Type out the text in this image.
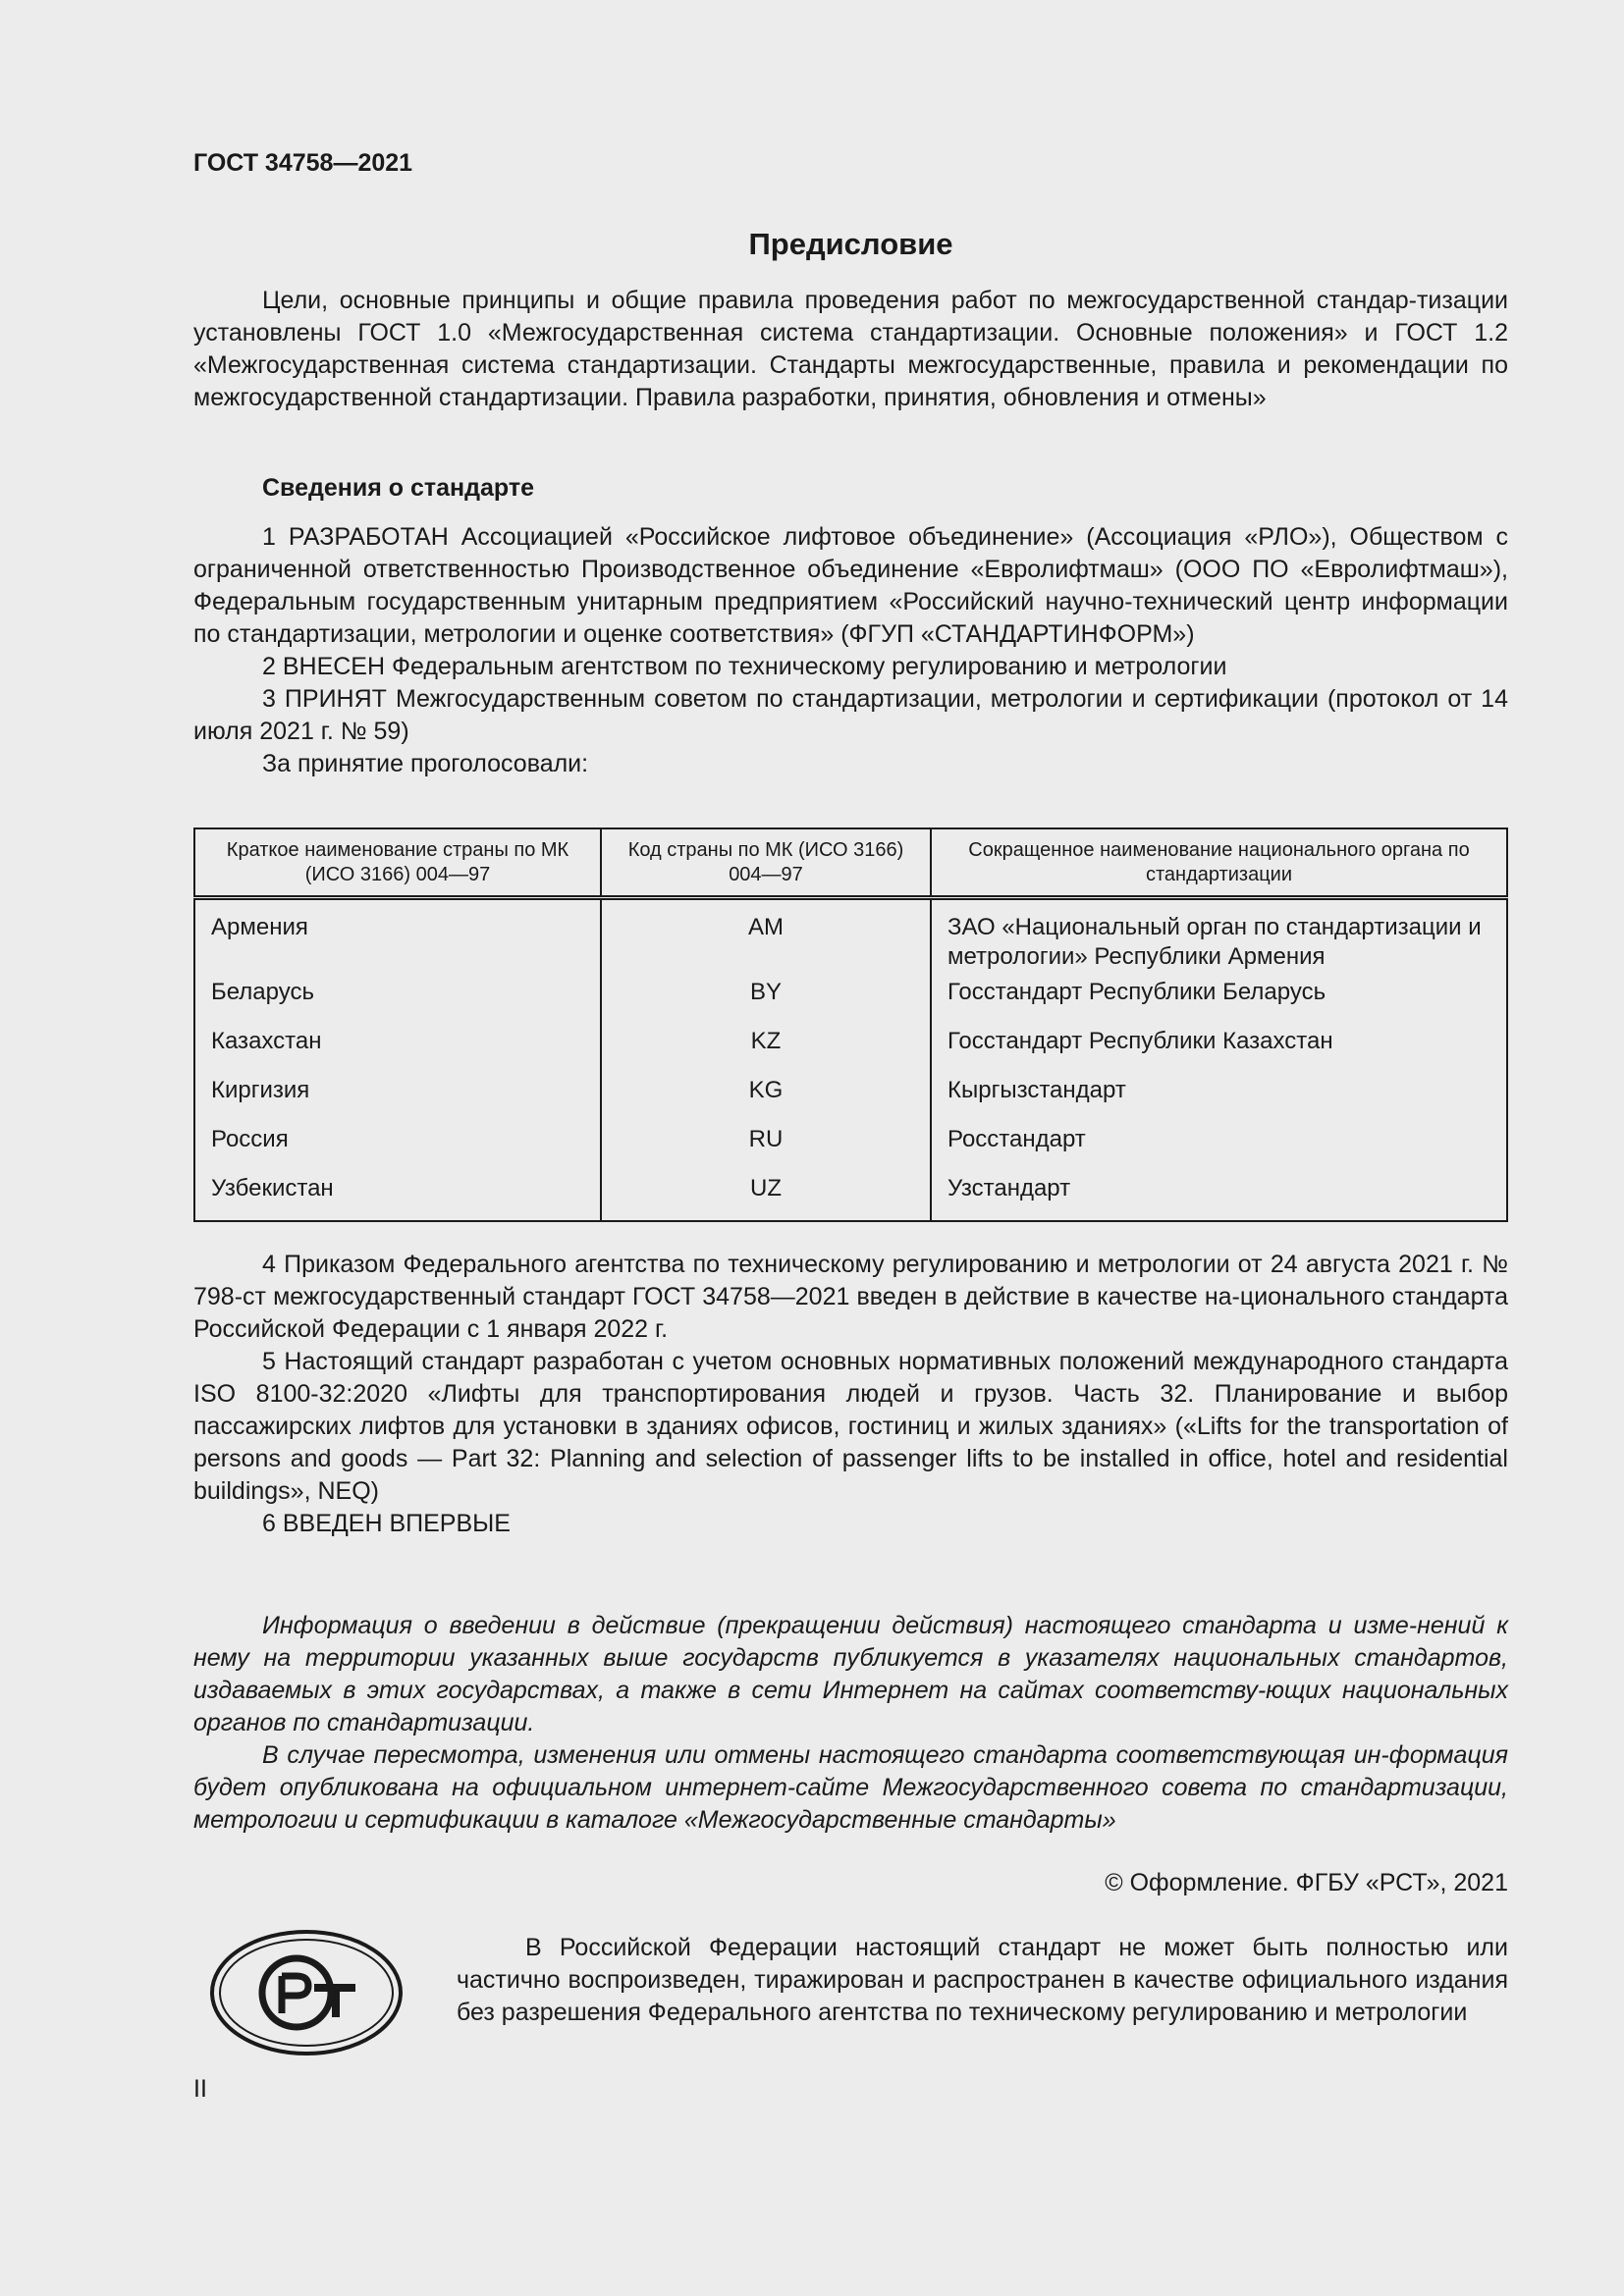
ГОСТ 34758—2021
Предисловие

Цели, основные принципы и общие правила проведения работ по межгосударственной стандар-тизации установлены ГОСТ 1.0 «Межгосударственная система стандартизации. Основные положения» и ГОСТ 1.2 «Межгосударственная система стандартизации. Стандарты межгосударственные, правила и рекомендации по межгосударственной стандартизации. Правила разработки, принятия, обновления и отмены»

Сведения о стандарте

1 РАЗРАБОТАН Ассоциацией «Российское лифтовое объединение» (Ассоциация «РЛО»), Обществом с ограниченной ответственностью Производственное объединение «Евролифтмаш» (ООО ПО «Евролифтмаш»), Федеральным государственным унитарным предприятием «Российский научно-технический центр информации по стандартизации, метрологии и оценке соответствия» (ФГУП «СТАНДАРТИНФОРМ»)

2 ВНЕСЕН Федеральным агентством по техническому регулированию и метрологии

3 ПРИНЯТ Межгосударственным советом по стандартизации, метрологии и сертификации (протокол от 14 июля 2021 г. № 59)

За принятие проголосовали:

Краткое наименование страны по МК (ИСО 3166) 004—97	Код страны по МК (ИСО 3166) 004—97	Сокращенное наименование национального органа по стандартизации
Армения	AM	ЗАО «Национальный орган по стандартизации и метрологии» Республики Армения
Беларусь	BY	Госстандарт Республики Беларусь
Казахстан	KZ	Госстандарт Республики Казахстан
Киргизия	KG	Кыргызстандарт
Россия	RU	Росстандарт
Узбекистан	UZ	Узстандарт

4 Приказом Федерального агентства по техническому регулированию и метрологии от 24 августа 2021 г. № 798-ст межгосударственный стандарт ГОСТ 34758—2021 введен в действие в качестве на-ционального стандарта Российской Федерации с 1 января 2022 г.

5 Настоящий стандарт разработан с учетом основных нормативных положений международного стандарта ISO 8100-32:2020 «Лифты для транспортирования людей и грузов. Часть 32. Планирование и выбор пассажирских лифтов для установки в зданиях офисов, гостиниц и жилых зданиях» («Lifts for the transportation of persons and goods — Part 32: Planning and selection of passenger lifts to be installed in office, hotel and residential buildings», NEQ)

6 ВВЕДЕН ВПЕРВЫЕ

Информация о введении в действие (прекращении действия) настоящего стандарта и изме-нений к нему на территории указанных выше государств публикуется в указателях национальных стандартов, издаваемых в этих государствах, а также в сети Интернет на сайтах соответству-ющих национальных органов по стандартизации.

В случае пересмотра, изменения или отмены настоящего стандарта соответствующая ин-формация будет опубликована на официальном интернет-сайте Межгосударственного совета по стандартизации, метрологии и сертификации в каталоге «Межгосударственные стандарты»

© Оформление. ФГБУ «РСТ», 2021

В Российской Федерации настоящий стандарт не может быть полностью или частично воспроизведен, тиражирован и распространен в качестве официального издания без разрешения Федерального агентства по техническому регулированию и метрологии

II
